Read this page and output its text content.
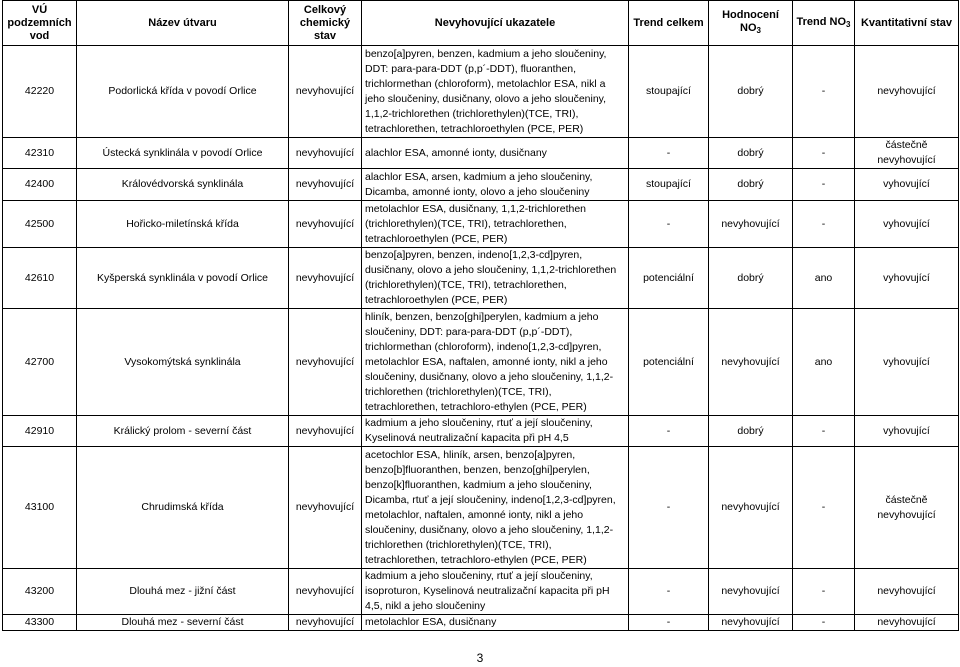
VÚ podzemních vod	Název útvaru	Celkový chemický stav	Nevyhovující ukazatele	Trend celkem	Hodnocení $NO_3$	Trend $NO_3$	Kvantitativní stav
42220	Podorlická křída v povodí Orlice	nevyhovující	benzo[a]pyren, benzen, kadmium a jeho sloučeniny, DDT: para-para-DDT (p,p´-DDT), fluoranthen, trichlormethan (chloroform), metolachlor ESA, nikl a jeho sloučeniny, dusičnany, olovo a jeho sloučeniny, 1,1,2-trichlorethen (trichlorethylen)(TCE, TRI), tetrachlorethen, tetrachloroethylen (PCE, PER)	stoupající	dobrý	-	nevyhovující
42310	Ústecká synklinála v povodí Orlice	nevyhovující	alachlor ESA, amonné ionty, dusičnany	-	dobrý	-	částečně nevyhovující
42400	Královédvorská synklinála	nevyhovující	alachlor ESA, arsen, kadmium a jeho sloučeniny, Dicamba, amonné ionty, olovo a jeho sloučeniny	stoupající	dobrý	-	vyhovující
42500	Hořicko-miletínská křída	nevyhovující	metolachlor ESA, dusičnany, 1,1,2-trichlorethen (trichlorethylen)(TCE, TRI), tetrachlorethen, tetrachloroethylen (PCE, PER)	-	nevyhovující	-	vyhovující
42610	Kyšperská synklinála v povodí Orlice	nevyhovující	benzo[a]pyren, benzen, indeno[1,2,3-cd]pyren, dusičnany, olovo a jeho sloučeniny, 1,1,2-trichlorethen (trichlorethylen)(TCE, TRI), tetrachlorethen, tetrachloroethylen (PCE, PER)	potenciální	dobrý	ano	vyhovující
42700	Vysokomýtská synklinála	nevyhovující	hliník, benzen, benzo[ghi]perylen, kadmium a jeho sloučeniny, DDT: para-para-DDT (p,p´-DDT), trichlormethan (chloroform), indeno[1,2,3-cd]pyren, metolachlor ESA, naftalen, amonné ionty, nikl a jeho sloučeniny, dusičnany, olovo a jeho sloučeniny, 1,1,2-trichlorethen (trichlorethylen)(TCE, TRI), tetrachlorethen, tetrachloro-ethylen (PCE, PER)	potenciální	nevyhovující	ano	vyhovující
42910	Králický prolom - severní část	nevyhovující	kadmium a jeho sloučeniny, rtuť a její sloučeniny, Kyselinová neutralizační kapacita při pH 4,5	-	dobrý	-	vyhovující
43100	Chrudimská křída	nevyhovující	acetochlor ESA, hliník, arsen, benzo[a]pyren, benzo[b]fluoranthen, benzen, benzo[ghi]perylen, benzo[k]fluoranthen, kadmium a jeho sloučeniny, Dicamba, rtuť a její sloučeniny, indeno[1,2,3-cd]pyren, metolachlor, naftalen, amonné ionty, nikl a jeho sloučeniny, dusičnany, olovo a jeho sloučeniny, 1,1,2-trichlorethen (trichlorethylen)(TCE, TRI), tetrachlorethen, tetrachloro-ethylen (PCE, PER)	-	nevyhovující	-	částečně nevyhovující
43200	Dlouhá mez - jižní část	nevyhovující	kadmium a jeho sloučeniny, rtuť a její sloučeniny, isoproturon, Kyselinová neutralizační kapacita při pH 4,5, nikl a jeho sloučeniny	-	nevyhovující	-	nevyhovující
43300	Dlouhá mez - severní část	nevyhovující	metolachlor ESA, dusičnany	-	nevyhovující	-	nevyhovující
3
